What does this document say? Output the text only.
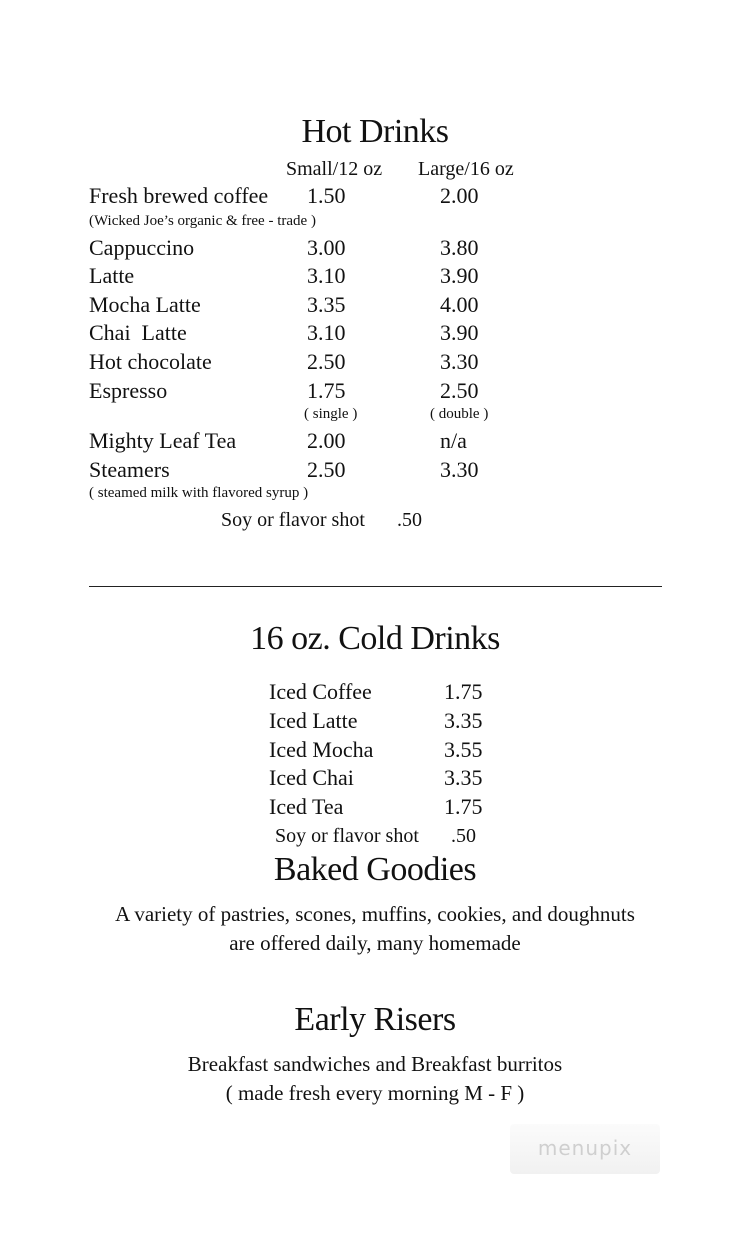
Hot Drinks
Small/12 oz Large/16 oz
Fresh brewed coffee 1.50	2.00
(Wicked Joe’s organic & free - trade )
Cappuccino	3.00	3.80
Latte	3.10	3.90
Mocha Latte	3.35	4.00
Chai  Latte	3.10	3.90
Hot chocolate	2.50	3.30
Espresso	1.75	2.50
( single )	( double )
Mighty Leaf Tea	2.00	n/a
Steamers	2.50	3.30
( steamed milk with flavored syrup )
Soy or flavor shot .50
16 oz. Cold Drinks
Iced Coffee	1.75
Iced Latte	3.35
Iced Mocha	3.55
Iced Chai	3.35
Iced Tea	1.75
Soy or flavor shot .50
Baked Goodies
A variety of pastries, scones, muffins, cookies, and doughnuts
are offered daily, many homemade
Early Risers
Breakfast sandwiches and Breakfast burritos
( made fresh every morning M - F )
menupix
